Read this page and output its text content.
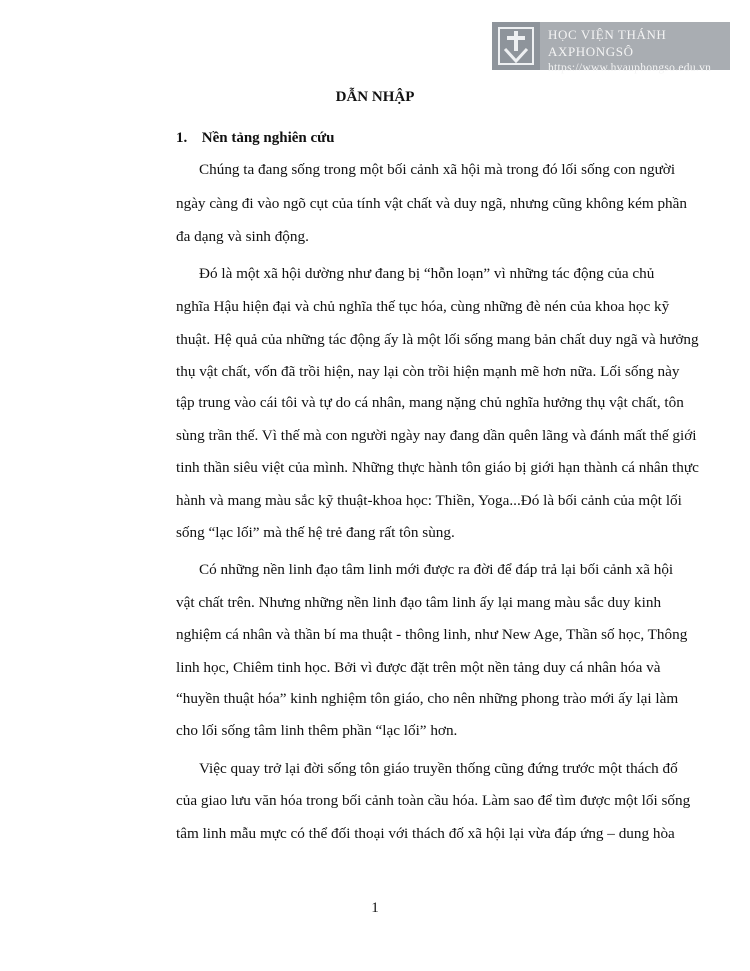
HỌC VIỆN THÁNH AXPHONGSÔ
https://www.hvauphongso.edu.vn
DẪN NHẬP
1. Nền tảng nghiên cứu
Chúng ta đang sống trong một bối cảnh xã hội mà trong đó lối sống con người
ngày càng đi vào ngõ cụt của tính vật chất và duy ngã, nhưng cũng không kém phần
đa dạng và sinh động.
Đó là một xã hội dường như đang bị “hỗn loạn” vì những tác động của chủ
nghĩa Hậu hiện đại và chủ nghĩa thế tục hóa, cùng những đè nén của khoa học kỹ
thuật. Hệ quả của những tác động ấy là một lối sống mang bản chất duy ngã và hưởng
thụ vật chất, vốn đã trồi hiện, nay lại còn trồi hiện mạnh mẽ hơn nữa. Lối sống này
tập trung vào cái tôi và tự do cá nhân, mang nặng chủ nghĩa hưởng thụ vật chất, tôn
sùng trần thế. Vì thế mà con người ngày nay đang dần quên lãng và đánh mất thế giới
tinh thần siêu việt của mình. Những thực hành tôn giáo bị giới hạn thành cá nhân thực
hành và mang màu sắc kỹ thuật-khoa học: Thiền, Yoga...Đó là bối cảnh của một lối
sống “lạc lối” mà thế hệ trẻ đang rất tôn sùng.
Có những nền linh đạo tâm linh mới được ra đời để đáp trả lại bối cảnh xã hội
vật chất trên. Nhưng những nền linh đạo tâm linh ấy lại mang màu sắc duy kinh
nghiệm cá nhân và thần bí ma thuật - thông linh, như New Age, Thần số học, Thông
linh học, Chiêm tinh học. Bởi vì được đặt trên một nền tảng duy cá nhân hóa và
“huyền thuật hóa” kinh nghiệm tôn giáo, cho nên những phong trào mới ấy lại làm
cho lối sống tâm linh thêm phần “lạc lối” hơn.
Việc quay trở lại đời sống tôn giáo truyền thống cũng đứng trước một thách đố
của giao lưu văn hóa trong bối cảnh toàn cầu hóa. Làm sao để tìm được một lối sống
tâm linh mẫu mực có thể đối thoại với thách đố xã hội lại vừa đáp ứng – dung hòa
1
